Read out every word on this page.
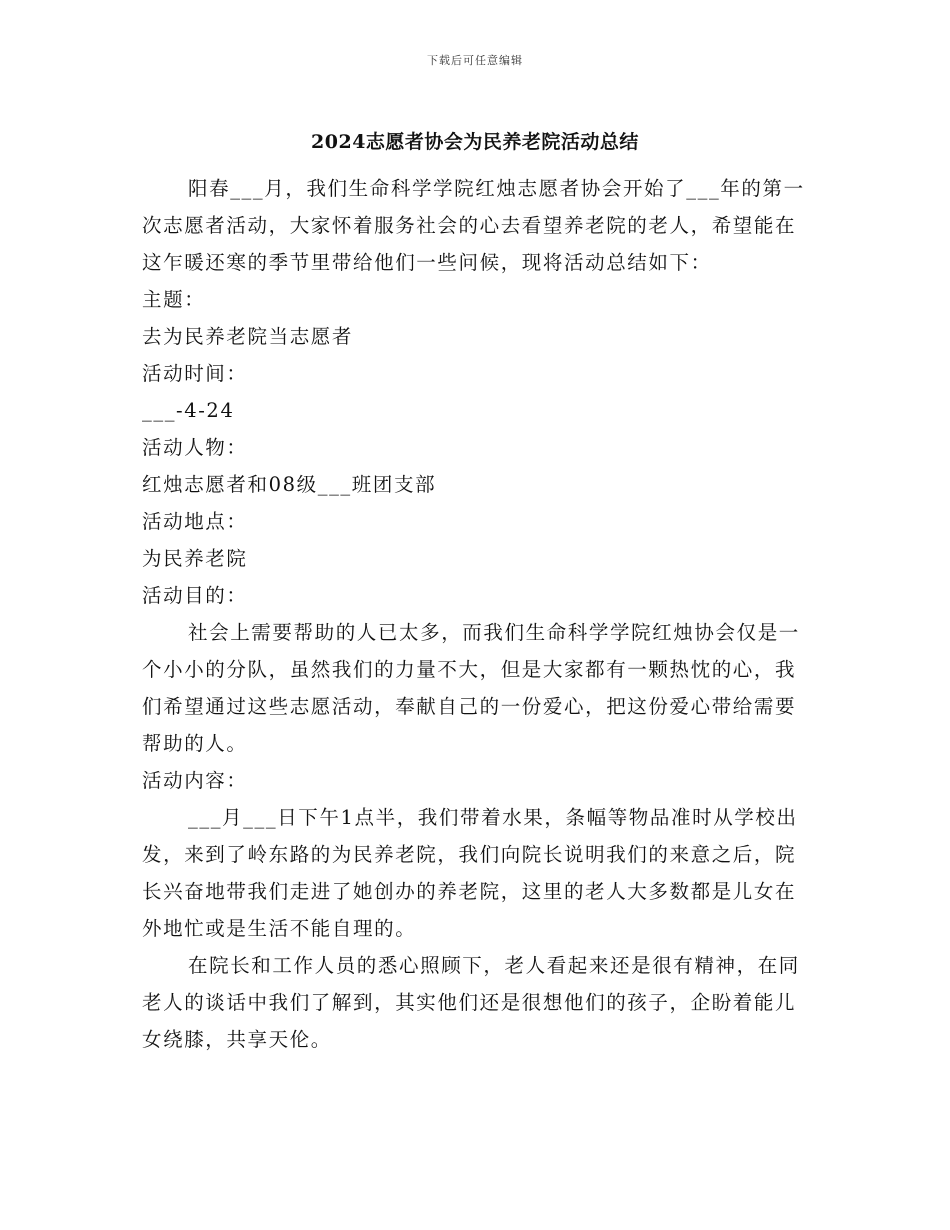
下载后可任意编辑
2024志愿者协会为民养老院活动总结

阳春___月，我们生命科学学院红烛志愿者协会开始了___年的第一次志愿者活动，大家怀着服务社会的心去看望养老院的老人，希望能在这乍暖还寒的季节里带给他们一些问候，现将活动总结如下：

主题：

去为民养老院当志愿者

活动时间：

___-4-24

活动人物：

红烛志愿者和08级___班团支部

活动地点：

为民养老院

活动目的：

社会上需要帮助的人已太多，而我们生命科学学院红烛协会仅是一个小小的分队，虽然我们的力量不大，但是大家都有一颗热忱的心，我们希望通过这些志愿活动，奉献自己的一份爱心，把这份爱心带给需要帮助的人。

活动内容：

___月___日下午1点半，我们带着水果，条幅等物品准时从学校出发，来到了岭东路的为民养老院，我们向院长说明我们的来意之后，院长兴奋地带我们走进了她创办的养老院，这里的老人大多数都是儿女在外地忙或是生活不能自理的。

在院长和工作人员的悉心照顾下，老人看起来还是很有精神，在同老人的谈话中我们了解到，其实他们还是很想他们的孩子，企盼着能儿女绕膝，共享天伦。
